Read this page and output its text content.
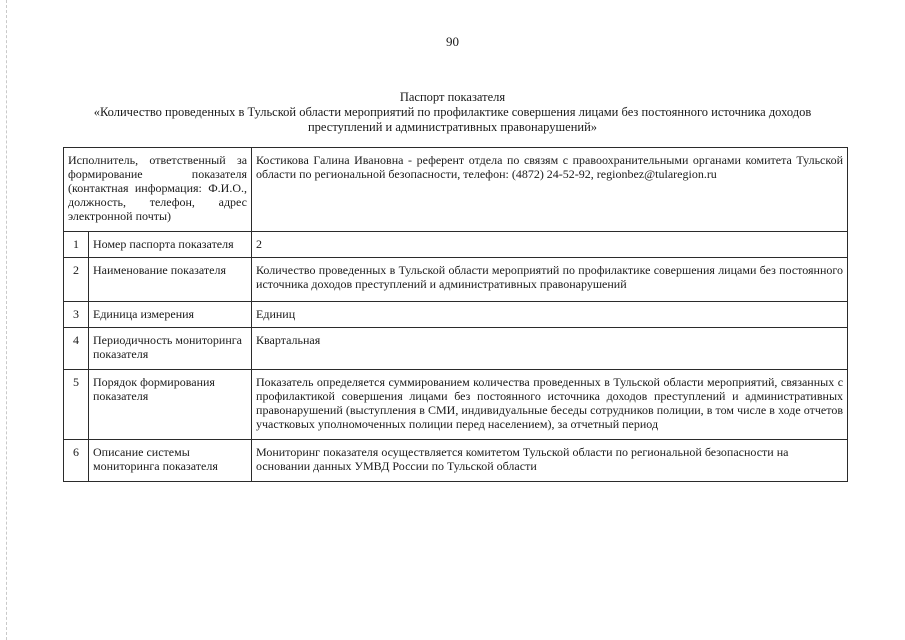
90
Паспорт показателя
«Количество проведенных в Тульской области мероприятий по профилактике совершения лицами без постоянного источника доходов преступлений и административных правонарушений»
Исполнитель, ответственный за формирование показателя (контактная информация: Ф.И.О., должность, телефон, адрес электронной почты)		Костикова Галина Ивановна - референт отдела по связям с правоохранительными органами комитета Тульской области по региональной безопасности, телефон: (4872) 24-52-92, regionbez@tularegion.ru
1	Номер паспорта показателя	2
2	Наименование показателя	Количество проведенных в Тульской области мероприятий по профилактике совершения лицами без постоянного источника доходов преступлений и административных правонарушений
3	Единица измерения	Единиц
4	Периодичность мониторинга показателя	Квартальная
5	Порядок формирования показателя	Показатель определяется суммированием количества проведенных в Тульской области мероприятий, связанных с профилактикой совершения лицами без постоянного источника доходов преступлений и административных правонарушений (выступления в СМИ, индивидуальные беседы сотрудников полиции, в том числе в ходе отчетов участковых уполномоченных полиции перед населением), за отчетный период
6	Описание системы мониторинга показателя	Мониторинг показателя осуществляется комитетом Тульской области по региональной безопасности на основании данных УМВД России по Тульской области
